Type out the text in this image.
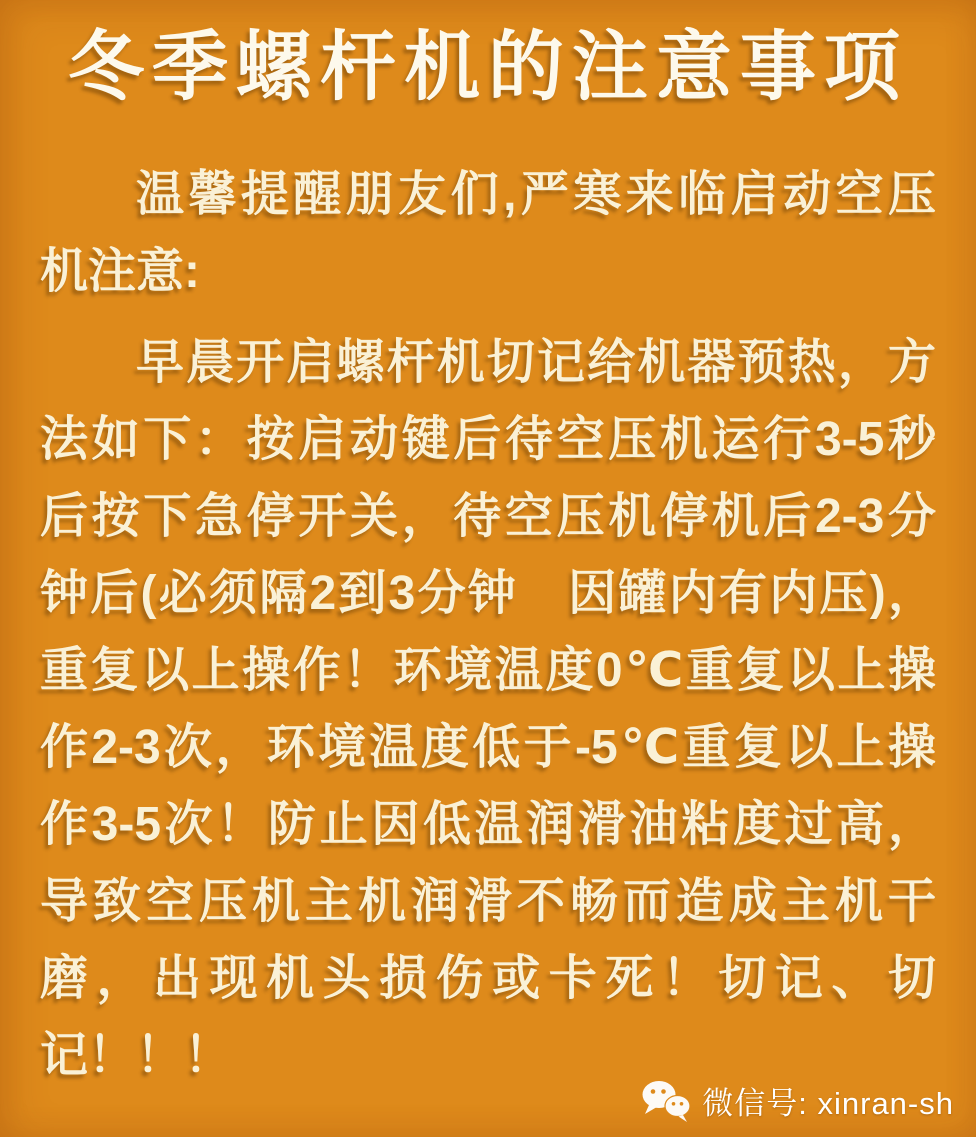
冬季螺杆机的注意事项
温馨提醒朋友们,严寒来临启动空压
机注意:
早晨开启螺杆机切记给机器预热，方
法如下：按启动键后待空压机运行3-5秒
后按下急停开关，待空压机停机后2-3分
钟后(必须隔2到3分钟　因罐内有内压)，
重复以上操作！环境温度0℃重复以上操
作2-3次，环境温度低于-5℃重复以上操
作3-5次！防止因低温润滑油粘度过高，
导致空压机主机润滑不畅而造成主机干
磨，出现机头损伤或卡死！切记、切
记！！！
微信号: xinran-sh
